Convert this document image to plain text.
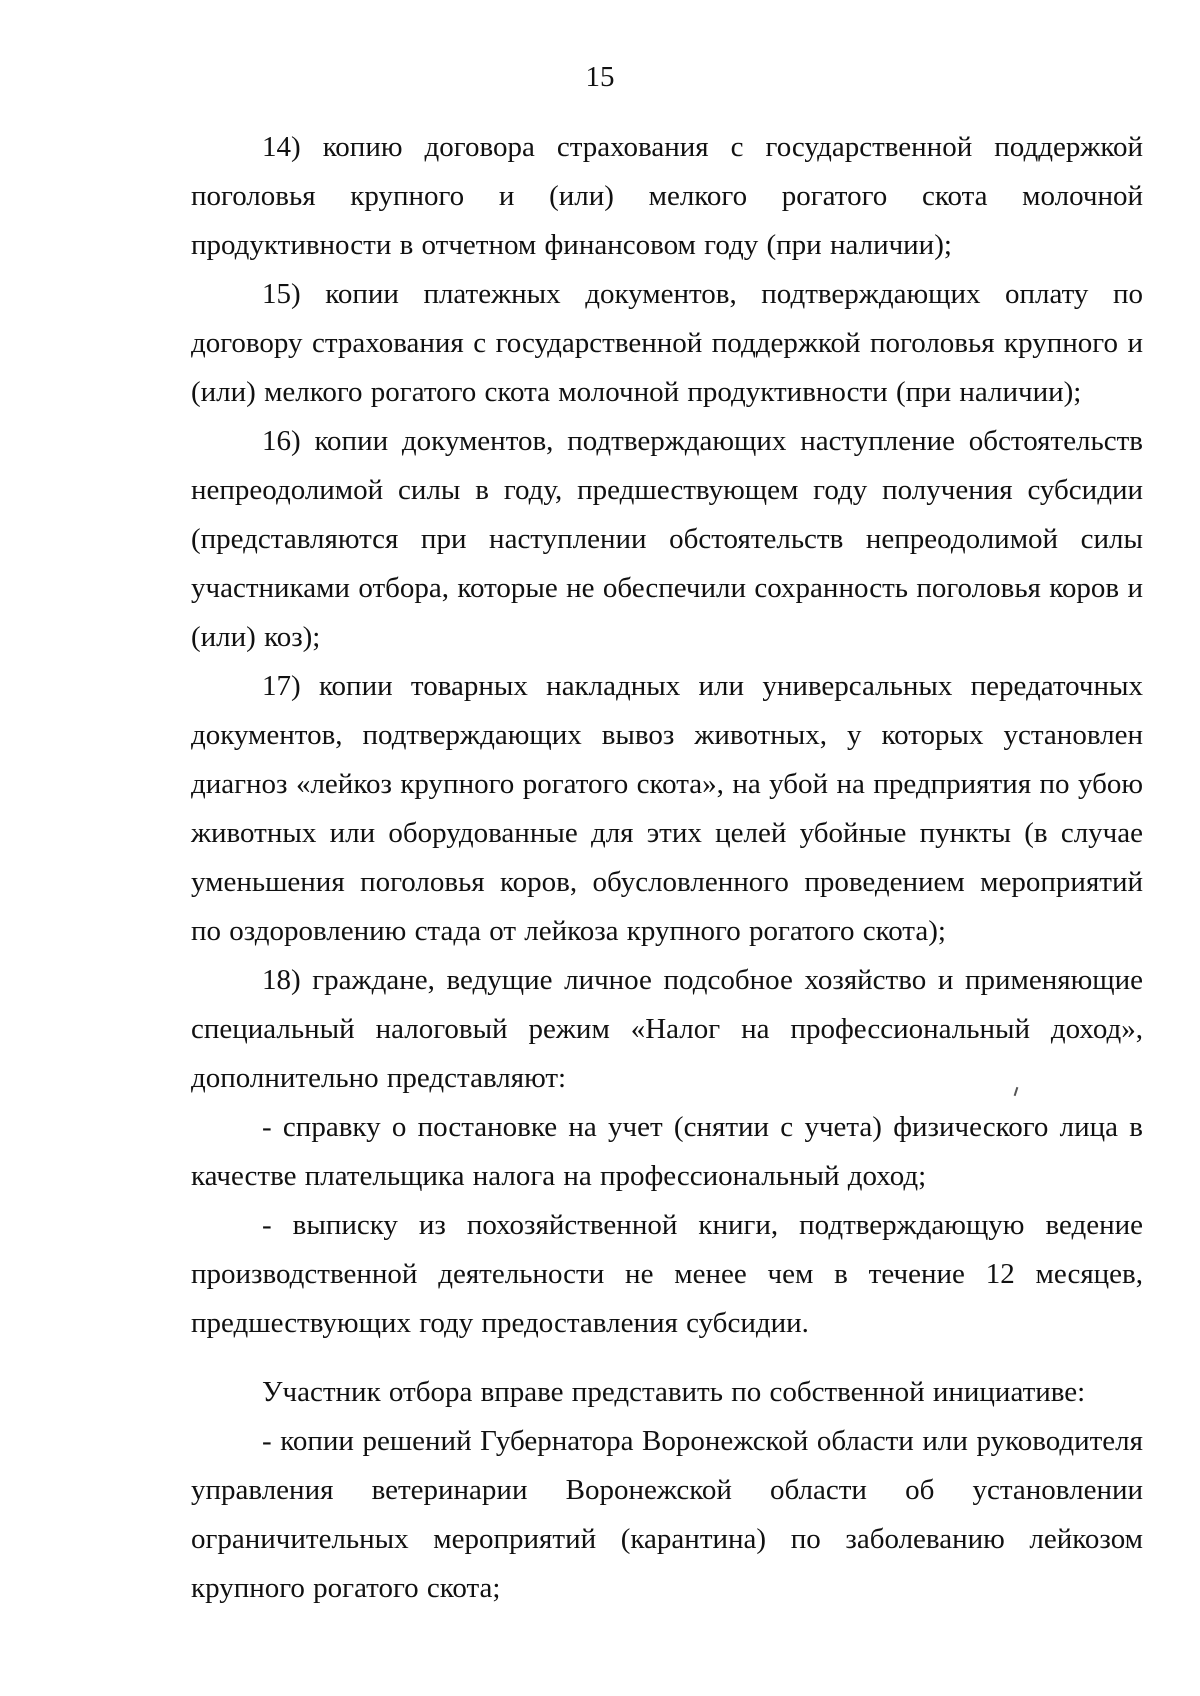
15

14) копию договора страхования с государственной поддержкой поголовья крупного и (или) мелкого рогатого скота молочной продуктивности в отчетном финансовом году (при наличии);

15) копии платежных документов, подтверждающих оплату по договору страхования с государственной поддержкой поголовья крупного и (или) мелкого рогатого скота молочной продуктивности (при наличии);

16) копии документов, подтверждающих наступление обстоятельств непреодолимой силы в году, предшествующем году получения субсидии (представляются при наступлении обстоятельств непреодолимой силы участниками отбора, которые не обеспечили сохранность поголовья коров и (или) коз);

17) копии товарных накладных или универсальных передаточных документов, подтверждающих вывоз животных, у которых установлен диагноз «лейкоз крупного рогатого скота», на убой на предприятия по убою животных или оборудованные для этих целей убойные пункты (в случае уменьшения поголовья коров, обусловленного проведением мероприятий по оздоровлению стада от лейкоза крупного рогатого скота);

18) граждане, ведущие личное подсобное хозяйство и применяющие специальный налоговый режим «Налог на профессиональный доход», дополнительно представляют:

- справку о постановке на учет (снятии с учета) физического лица в качестве плательщика налога на профессиональный доход;

- выписку из похозяйственной книги, подтверждающую ведение производственной деятельности не менее чем в течение 12 месяцев, предшествующих году предоставления субсидии.

Участник отбора вправе представить по собственной инициативе:

- копии решений Губернатора Воронежской области или руководителя управления ветеринарии Воронежской области об установлении ограничительных мероприятий (карантина) по заболеванию лейкозом крупного рогатого скота;
